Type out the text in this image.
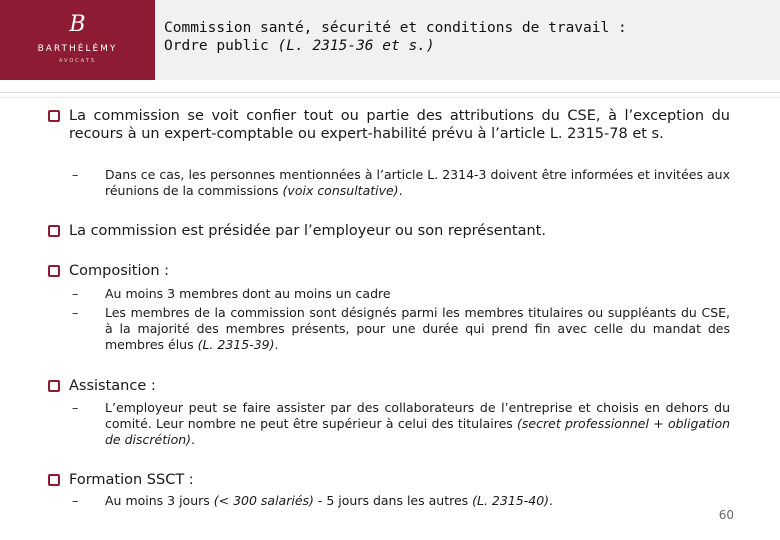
B
BARTHÉLÉMY
AVOCATS
Commission santé, sécurité et conditions de travail :
Ordre public (L. 2315-36 et s.)
La commission se voit confier tout ou partie des attributions du CSE, à l’exception du recours à un expert-comptable ou expert-habilité prévu à l’article L. 2315-78 et s.
– Dans ce cas, les personnes mentionnées à l’article L. 2314-3 doivent être informées et invitées aux réunions de la commissions (voix consultative).
La commission est présidée par l’employeur ou son représentant.
Composition :
– Au moins 3 membres dont au moins un cadre
– Les membres de la commission sont désignés parmi les membres titulaires ou suppléants du CSE, à la majorité des membres présents, pour une durée qui prend fin avec celle du mandat des membres élus (L. 2315-39).
Assistance :
– L’employeur peut se faire assister par des collaborateurs de l’entreprise et choisis en dehors du comité. Leur nombre ne peut être supérieur à celui des titulaires (secret professionnel + obligation de discrétion).
Formation SSCT :
– Au moins 3 jours (< 300 salariés) - 5 jours dans les autres (L. 2315-40).
60
